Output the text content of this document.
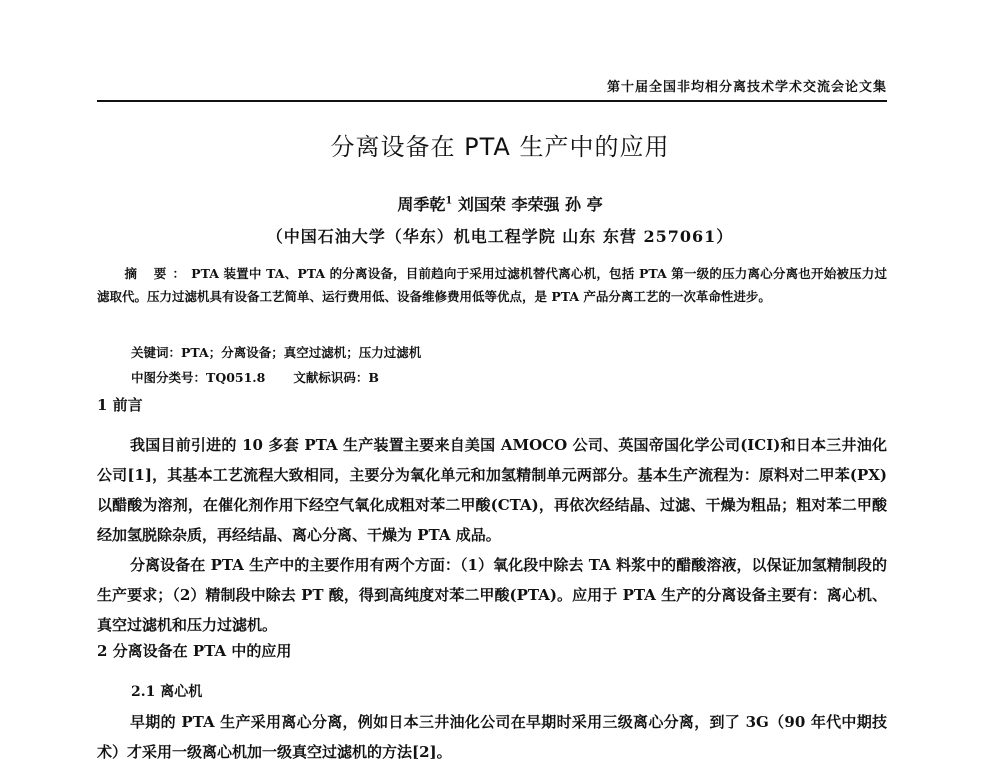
第十届全国非均相分离技术学术交流会论文集
分离设备在 PTA 生产中的应用
周季乾$^1$ 刘国荣 李荣强 孙 亭
（中国石油大学（华东）机电工程学院 山东 东营 257061）
摘 要：PTA 装置中 TA、PTA 的分离设备，目前趋向于采用过滤机替代离心机，包括 PTA 第一级的压力离心分离也开始被压力过滤取代。压力过滤机具有设备工艺简单、运行费用低、设备维修费用低等优点，是 PTA 产品分离工艺的一次革命性进步。
关键词：PTA；分离设备；真空过滤机；压力过滤机
中图分类号：TQ051.8 文献标识码：B
1 前言
我国目前引进的 10 多套 PTA 生产装置主要来自美国 AMOCO 公司、英国帝国化学公司(ICI)和日本三井油化公司[1]，其基本工艺流程大致相同，主要分为氧化单元和加氢精制单元两部分。基本生产流程为：原料对二甲苯(PX)以醋酸为溶剂，在催化剂作用下经空气氧化成粗对苯二甲酸(CTA)，再依次经结晶、过滤、干燥为粗品；粗对苯二甲酸经加氢脱除杂质，再经结晶、离心分离、干燥为 PTA 成品。
分离设备在 PTA 生产中的主要作用有两个方面：（1）氧化段中除去 TA 料浆中的醋酸溶液，以保证加氢精制段的生产要求；（2）精制段中除去 PT 酸，得到高纯度对苯二甲酸(PTA)。应用于 PTA 生产的分离设备主要有：离心机、真空过滤机和压力过滤机。
2 分离设备在 PTA 中的应用
2.1 离心机
早期的 PTA 生产采用离心分离，例如日本三井油化公司在早期时采用三级离心分离，到了 3G（90 年代中期技术）才采用一级离心机加一级真空过滤机的方法[2]。
